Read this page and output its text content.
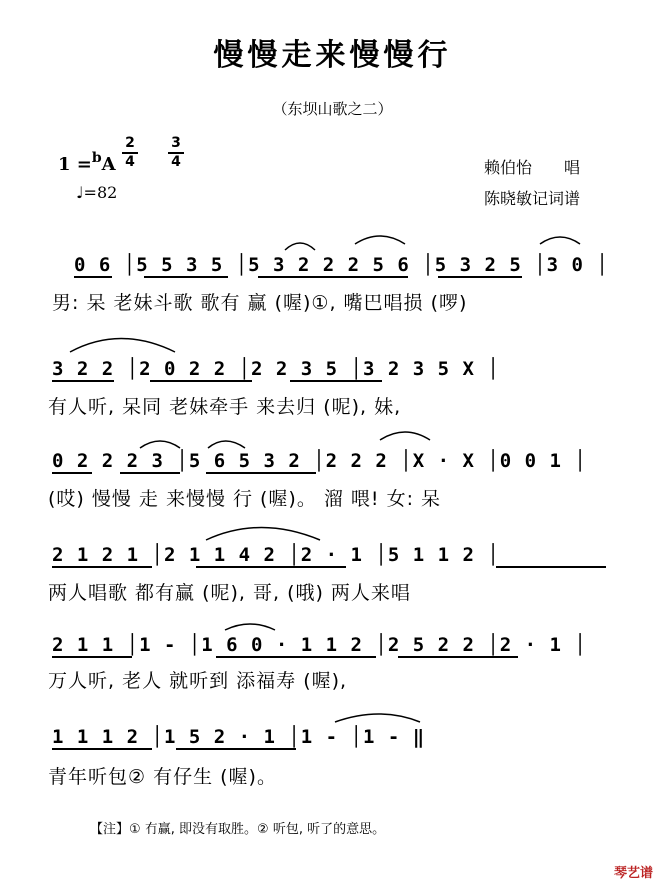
慢慢走来慢慢行
（东坝山歌之二）
1 =$^b$A
2
4
3
4
♩=82
赖伯怡　　唱
陈晓敏记词谱
0 6 │5 5 3 5 │5 3 2 2 2 5 6 │5 3 2 5 │3 0 │
男: 呆 老妹斗歌 歌有 赢 (喔)①, 嘴巴唱损 (啰)
3 2 2 │2 0 2 2 │2 2 3 5 │3 2 3 5 X │
有人听, 呆同 老妹牵手 来去归 (呢), 妹,
0 2 2 2 3 │5 6 5 3 2 │2 2 2 │X · X │0 0 1 │
(哎) 慢慢 走 来慢慢 行 (喔)。 溜 喂! 女: 呆
2 1 2 1 │2 1 1 4 2 │2 · 1 │5 1 1 2 │
两人唱歌 都有赢 (呢), 哥, (哦) 两人来唱
2 1 1 │1 - │1 6 0 · 1 1 2 │2 5 2 2 │2 · 1 │
万人听, 老人 就听到 添福寿 (喔),
1 1 1 2 │1 5 2 · 1 │1 - │1 - ‖
青年听包② 有仔生 (喔)。
【注】① 冇赢, 即没有取胜。② 听包, 听了的意思。
琴艺谱
